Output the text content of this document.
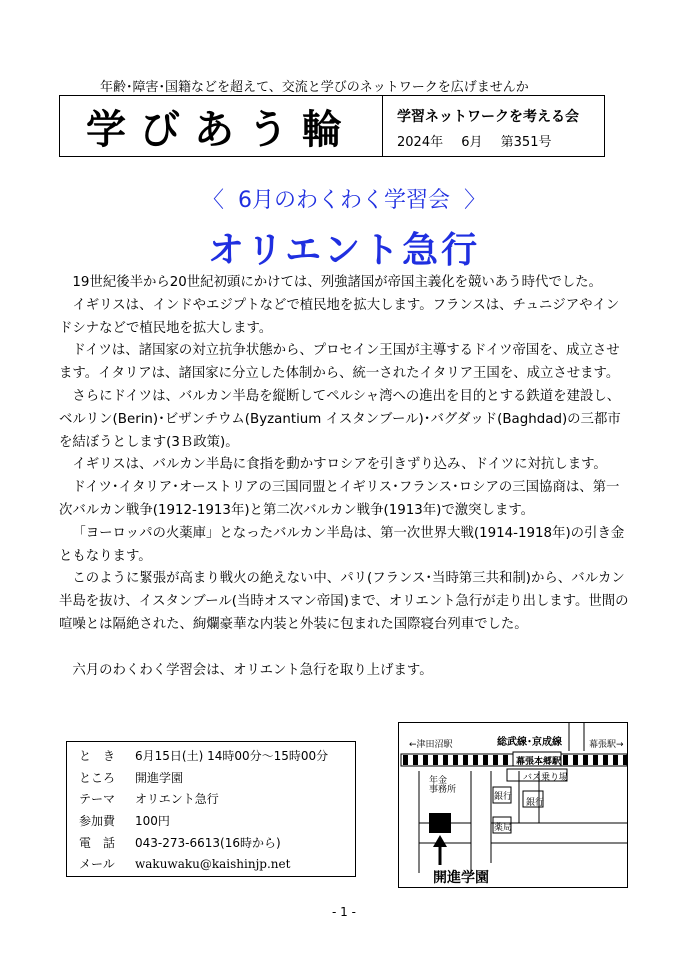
年齢･障害･国籍などを超えて、交流と学びのネットワークを広げませんか
学びあう輪	学習ネットワークを考える会
2024年 6月 第351号
〈  6月のわくわく学習会  〉
オリエント急行

19世紀後半から20世紀初頭にかけては、列強諸国が帝国主義化を競いあう時代でした。

イギリスは、インドやエジプトなどで植民地を拡大します。フランスは、チュニジアやインドシナなどで植民地を拡大します。

ドイツは、諸国家の対立抗争状態から、プロセイン王国が主導するドイツ帝国を、成立させます。イタリアは、諸国家に分立した体制から、統一されたイタリア王国を、成立させます。

さらにドイツは、バルカン半島を縦断してペルシャ湾への進出を目的とする鉄道を建設し、ベルリン(Berin)･ビザンチウム(Byzantium イスタンブール)･バグダッド(Baghdad)の三都市を結ぼうとします(3Ｂ政策)。

イギリスは、バルカン半島に食指を動かすロシアを引きずり込み、ドイツに対抗します。

ドイツ･イタリア･オーストリアの三国同盟とイギリス･フランス･ロシアの三国協商は、第一次バルカン戦争(1912-1913年)と第二次バルカン戦争(1913年)で激突します。

「ヨーロッパの火薬庫」となったバルカン半島は、第一次世界大戦(1914-1918年)の引き金ともなります。

このように緊張が高まり戦火の絶えない中、パリ(フランス･当時第三共和制)から、バルカン半島を抜け、イスタンブール(当時オスマン帝国)まで、オリエント急行が走り出します。世間の喧噪とは隔絶された、絢爛豪華な内装と外装に包まれた国際寝台列車でした。

六月のわくわく学習会は、オリエント急行を取り上げます。

と　き	6月15日(土) 14時00分～15時00分
ところ	開進学園
テーマ	オリエント急行
参加費	100円
電　話	043-273-6613(16時から)
メール	wakuwaku@kaishinjp.net
←津田沼駅	総武線･京成線	幕張駅→
幕張本郷駅
バス乗り場
年金
事務所
銀行
銀行
薬局
開進学園
- 1 -
